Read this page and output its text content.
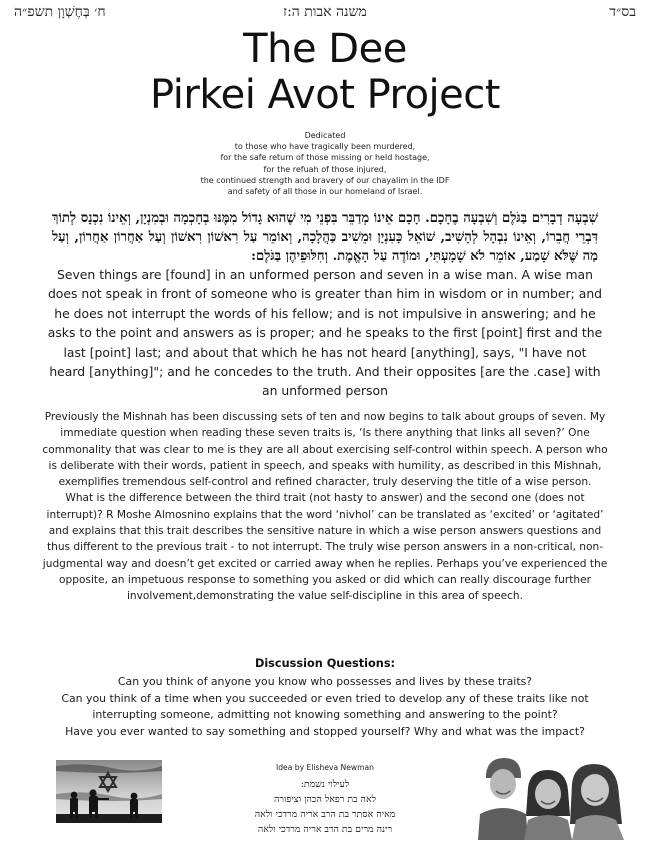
ח׳ בְּחֶשְׁוָן תשפ״ה	משנה אבות ה:ז	בס״ד
The Dee
Pirkei Avot Project
Dedicated
to those who have tragically been murdered,
for the safe return of those missing or held hostage,
for the refuah of those injured,
the continued strength and bravery of our chayalim in the IDF
and safety of all those in our homeland of Israel.

שִׁבְעָה דְבָרִים בַּגֹּלֶם וְשִׁבְעָה בֶחָכָם. חָכָם אֵינוֹ מְדַבֵּר בִּפְנֵי מִי שֶׁהוּא גָדוֹל מִמֶּנּוּ בְחָכְמָה וּבְמִנְיָן, וְאֵינוֹ נִכְנָס לְתוֹךְ דִּבְרֵי חֲבֵרוֹ, וְאֵינוֹ נִבְהָל לְהָשִׁיב, שׁוֹאֵל כָּעִנְיָן וּמֵשִׁיב כַּהֲלָכָה, וְאוֹמֵר עַל רִאשׁוֹן רִאשׁוֹן וְעַל אַחֲרוֹן אַחֲרוֹן, וְעַל מַה שֶּׁלֹּא שָׁמַע, אוֹמֵר לֹא שָׁמָעְתִּי, וּמוֹדֶה עַל הָאֱמֶת. וְחִלּוּפֵיהֶן בַּגֹּלֶם:

Seven things are [found] in an unformed person and seven in a wise man. A wise man does not speak in front of someone who is greater than him in wisdom or in number; and he does not interrupt the words of his fellow; and is not impulsive in answering; and he asks to the point and answers as is proper; and he speaks to the first [point] first and the last [point] last; and about that which he has not heard [anything], says, "I have not heard [anything]"; and he concedes to the truth. And their opposites [are the .case] with an unformed person

Previously the Mishnah has been discussing sets of ten and now begins to talk about groups of seven. My immediate question when reading these seven traits is, ‘Is there anything that links all seven?’ One commonality that was clear to me is they are all about exercising self-control within speech. A person who is deliberate with their words, patient in speech, and speaks with humility, as described in this Mishnah, exemplifies tremendous self-control and refined character, truly deserving the title of a wise person.

What is the difference between the third trait (not hasty to answer) and the second one (does not interrupt)? R Moshe Almosnino explains that the word ‘nivhol’ can be translated as ‘excited’ or ‘agitated’ and explains that this trait describes the sensitive nature in which a wise person answers questions and thus different to the previous trait - to not interrupt. The truly wise person answers in a non-critical, non-judgmental way and doesn’t get excited or carried away when he replies. Perhaps you’ve experienced the opposite, an impetuous response to something you asked or did which can really discourage further involvement,demonstrating the value self-discipline in this area of speech.

Discussion Questions:

Can you think of anyone you know who possesses and lives by these traits?

Can you think of a time when you succeeded or even tried to develop any of these traits like not interrupting someone, admitting not knowing something and answering to the point?

Have you ever wanted to say something and stopped yourself? Why and what was the impact?

Idea by Elisheva Newman
לעילוי נשמת:
לאה בת רפאל הכהן וציפורה
מאיה אסתר בת הרב אריה מרדכי ולאה
רינה מרים בת הרב אריה מרדכי ולאה
